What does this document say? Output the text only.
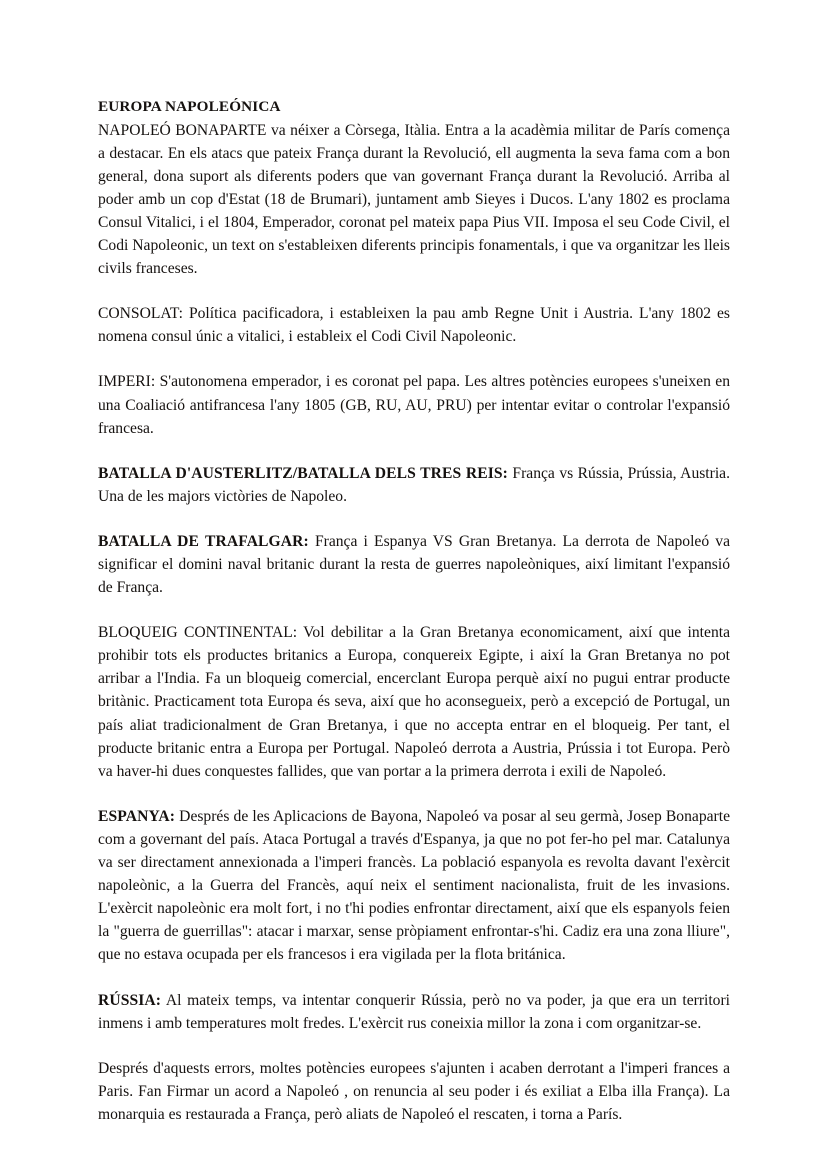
EUROPA NAPOLEÓNICA

NAPOLEÓ BONAPARTE va néixer a Còrsega, Itàlia. Entra a la acadèmia militar de París comença a destacar. En els atacs que pateix França durant la Revolució, ell augmenta la seva fama com a bon general, dona suport als diferents poders que van governant França durant la Revolució. Arriba al poder amb un cop d'Estat (18 de Brumari), juntament amb Sieyes i Ducos. L'any 1802 es proclama Consul Vitalici, i el 1804, Emperador, coronat pel mateix papa Pius VII. Imposa el seu Code Civil, el Codi Napoleonic, un text on s'estableixen diferents principis fonamentals, i que va organitzar les lleis civils franceses.

CONSOLAT: Política pacificadora, i estableixen la pau amb Regne Unit i Austria. L'any 1802 es nomena consul únic a vitalici, i estableix el Codi Civil Napoleonic.

IMPERI: S'autonomena emperador, i es coronat pel papa. Les altres potències europees s'uneixen en una Coaliació antifrancesa l'any 1805 (GB, RU, AU, PRU) per intentar evitar o controlar l'expansió francesa.

BATALLA D'AUSTERLITZ/BATALLA DELS TRES REIS: França vs Rússia, Prússia, Austria. Una de les majors victòries de Napoleo.

BATALLA DE TRAFALGAR: França i Espanya VS Gran Bretanya. La derrota de Napoleó va significar el domini naval britanic durant la resta de guerres napoleòniques, així limitant l'expansió de França.

BLOQUEIG CONTINENTAL: Vol debilitar a la Gran Bretanya economicament, així que intenta prohibir tots els productes britanics a Europa, conquereix Egipte, i així la Gran Bretanya no pot arribar a l'India. Fa un bloqueig comercial, encerclant Europa perquè així no pugui entrar producte britànic. Practicament tota Europa és seva, així que ho aconsegueix, però a excepció de Portugal, un país aliat tradicionalment de Gran Bretanya, i que no accepta entrar en el bloqueig. Per tant, el producte britanic entra a Europa per Portugal. Napoleó derrota a Austria, Prússia i tot Europa. Però va haver-hi dues conquestes fallides, que van portar a la primera derrota i exili de Napoleó.

ESPANYA: Després de les Aplicacions de Bayona, Napoleó va posar al seu germà, Josep Bonaparte com a governant del país. Ataca Portugal a través d'Espanya, ja que no pot fer-ho pel mar. Catalunya va ser directament annexionada a l'imperi francès. La població espanyola es revolta davant l'exèrcit napoleònic, a la Guerra del Francès, aquí neix el sentiment nacionalista, fruit de les invasions. L'exèrcit napoleònic era molt fort, i no t'hi podies enfrontar directament, així que els espanyols feien la "guerra de guerrillas": atacar i marxar, sense pròpiament enfrontar-s'hi. Cadiz era una zona lliure", que no estava ocupada per els francesos i era vigilada per la flota británica.

RÚSSIA: Al mateix temps, va intentar conquerir Rússia, però no va poder, ja que era un territori inmens i amb temperatures molt fredes. L'exèrcit rus coneixia millor la zona i com organitzar-se.

Després d'aquests errors, moltes potències europees s'ajunten i acaben derrotant a l'imperi frances a Paris. Fan Firmar un acord a Napoleó , on renuncia al seu poder i és exiliat a Elba illa França). La monarquia es restaurada a França, però aliats de Napoleó el rescaten, i torna a París.
